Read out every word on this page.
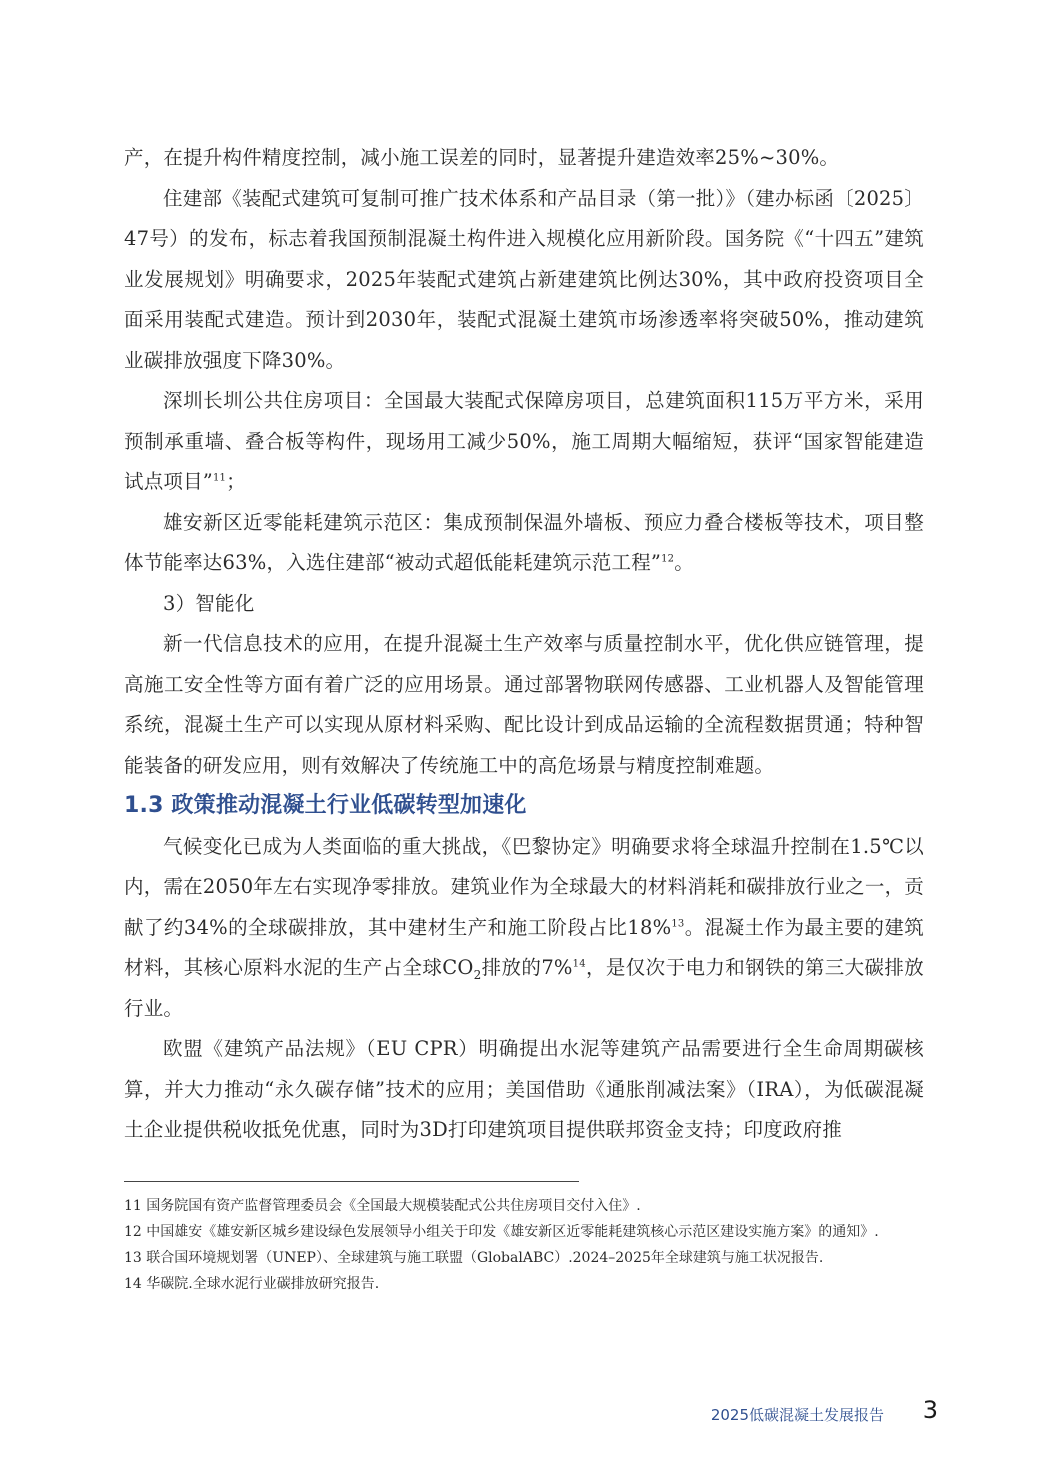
产，在提升构件精度控制，减小施工误差的同时，显著提升建造效率25%~30%。

住建部《装配式建筑可复制可推广技术体系和产品目录（第一批）》（建办标函〔2025〕47号）的发布，标志着我国预制混凝土构件进入规模化应用新阶段。国务院《“十四五”建筑业发展规划》明确要求，2025年装配式建筑占新建建筑比例达30%，其中政府投资项目全面采用装配式建造。预计到2030年，装配式混凝土建筑市场渗透率将突破50%，推动建筑业碳排放强度下降30%。

深圳长圳公共住房项目：全国最大装配式保障房项目，总建筑面积115万平方米，采用预制承重墙、叠合板等构件，现场用工减少50%，施工周期大幅缩短，获评“国家智能建造试点项目”$^{11}$；

雄安新区近零能耗建筑示范区：集成预制保温外墙板、预应力叠合楼板等技术，项目整体节能率达63%，入选住建部“被动式超低能耗建筑示范工程”$^{12}$。

3）智能化

新一代信息技术的应用，在提升混凝土生产效率与质量控制水平，优化供应链管理，提高施工安全性等方面有着广泛的应用场景。通过部署物联网传感器、工业机器人及智能管理系统，混凝土生产可以实现从原材料采购、配比设计到成品运输的全流程数据贯通；特种智能装备的研发应用，则有效解决了传统施工中的高危场景与精度控制难题。

1.3 政策推动混凝土行业低碳转型加速化

气候变化已成为人类面临的重大挑战，《巴黎协定》明确要求将全球温升控制在1.5℃以内，需在2050年左右实现净零排放。建筑业作为全球最大的材料消耗和碳排放行业之一，贡献了约34%的全球碳排放，其中建材生产和施工阶段占比18%$^{13}$。混凝土作为最主要的建筑材料，其核心原料水泥的生产占全球$CO_2$排放的7%$^{14}$，是仅次于电力和钢铁的第三大碳排放行业。

欧盟《建筑产品法规》（EU CPR）明确提出水泥等建筑产品需要进行全生命周期碳核算，并大力推动“永久碳存储”技术的应用；美国借助《通胀削减法案》（IRA），为低碳混凝土企业提供税收抵免优惠，同时为3D打印建筑项目提供联邦资金支持；印度政府推

11 国务院国有资产监督管理委员会《全国最大规模装配式公共住房项目交付入住》.

12 中国雄安《雄安新区城乡建设绿色发展领导小组关于印发《雄安新区近零能耗建筑核心示范区建设实施方案》的通知》.

13 联合国环境规划署（UNEP）、全球建筑与施工联盟（GlobalABC）.2024–2025年全球建筑与施工状况报告.

14 华碳院.全球水泥行业碳排放研究报告.

2025低碳混凝土发展报告 3
